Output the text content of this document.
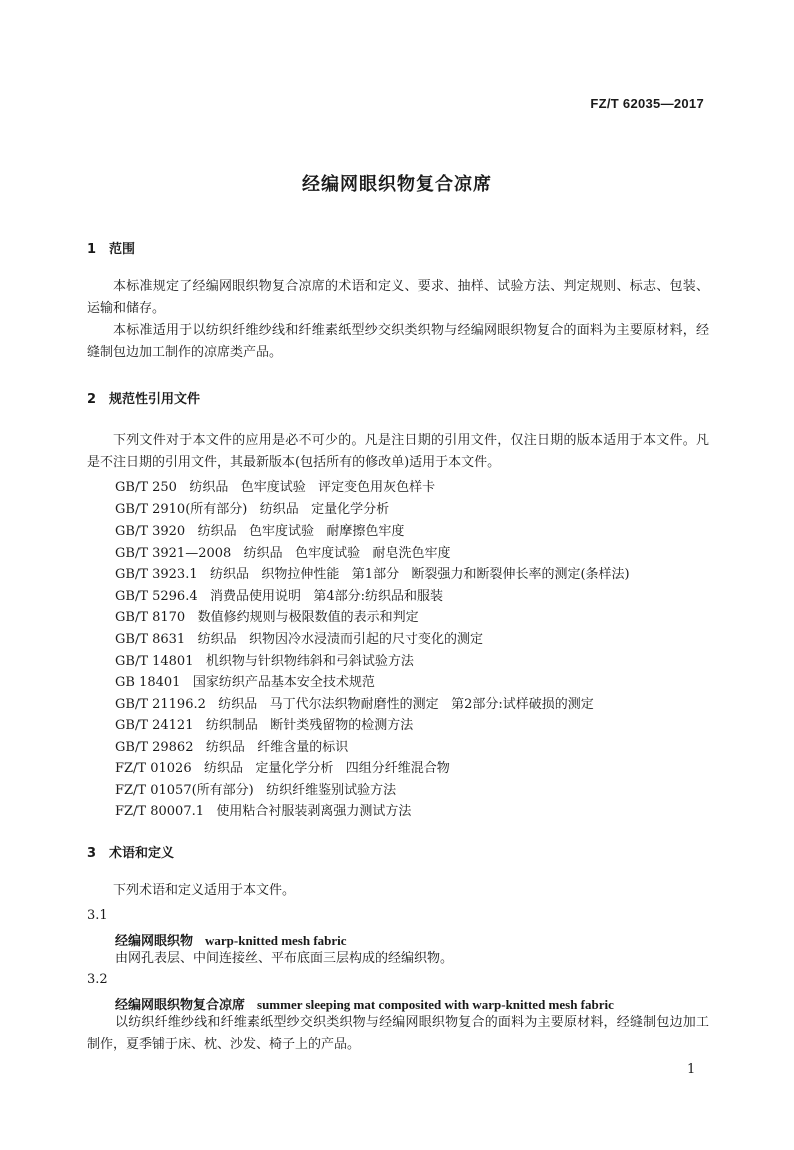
FZ/T 62035—2017
经编网眼织物复合凉席
1 范围

本标准规定了经编网眼织物复合凉席的术语和定义、要求、抽样、试验方法、判定规则、标志、包装、运输和储存。

本标准适用于以纺织纤维纱线和纤维素纸型纱交织类织物与经编网眼织物复合的面料为主要原材料，经缝制包边加工制作的凉席类产品。

2 规范性引用文件

下列文件对于本文件的应用是必不可少的。凡是注日期的引用文件，仅注日期的版本适用于本文件。凡是不注日期的引用文件，其最新版本(包括所有的修改单)适用于本文件。

GB/T 250   纺织品   色牢度试验   评定变色用灰色样卡
GB/T 2910(所有部分)   纺织品   定量化学分析
GB/T 3920   纺织品   色牢度试验   耐摩擦色牢度
GB/T 3921—2008   纺织品   色牢度试验   耐皂洗色牢度
GB/T 3923.1   纺织品   织物拉伸性能   第1部分   断裂强力和断裂伸长率的测定(条样法)
GB/T 5296.4   消费品使用说明   第4部分:纺织品和服装
GB/T 8170   数值修约规则与极限数值的表示和判定
GB/T 8631   纺织品   织物因冷水浸渍而引起的尺寸变化的测定
GB/T 14801   机织物与针织物纬斜和弓斜试验方法
GB 18401   国家纺织产品基本安全技术规范
GB/T 21196.2   纺织品   马丁代尔法织物耐磨性的测定   第2部分:试样破损的测定
GB/T 24121   纺织制品   断针类残留物的检测方法
GB/T 29862   纺织品   纤维含量的标识
FZ/T 01026   纺织品   定量化学分析   四组分纤维混合物
FZ/T 01057(所有部分)   纺织纤维鉴别试验方法
FZ/T 80007.1   使用粘合衬服装剥离强力测试方法
3 术语和定义

下列术语和定义适用于本文件。

3.1
经编网眼织物 warp-knitted mesh fabric

由网孔表层、中间连接丝、平布底面三层构成的经编织物。

3.2
经编网眼织物复合凉席 summer sleeping mat composited with warp-knitted mesh fabric

以纺织纤维纱线和纤维素纸型纱交织类织物与经编网眼织物复合的面料为主要原材料，经缝制包边加工制作，夏季铺于床、枕、沙发、椅子上的产品。

1
